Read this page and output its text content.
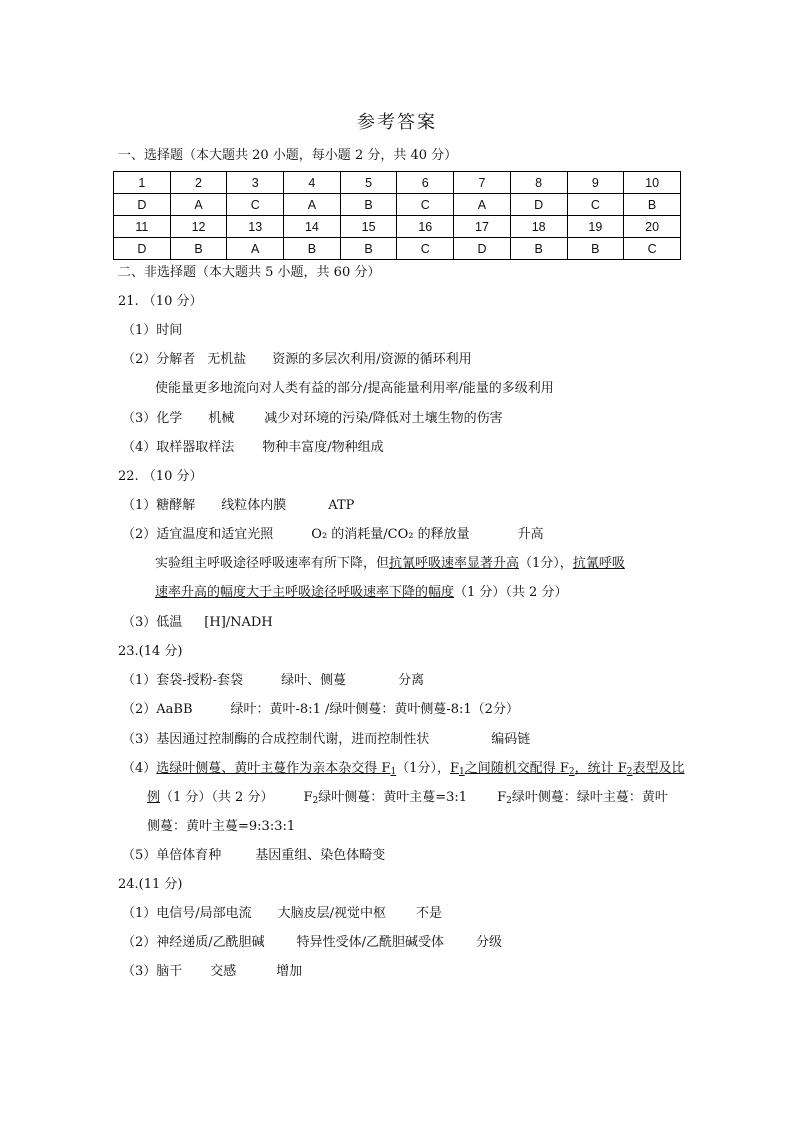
参考答案
一、选择题（本大题共 20 小题，每小题 2 分，共 40 分）
1	2	3	4	5	6	7	8	9	10
D	A	C	A	B	C	A	D	C	B
11	12	13	14	15	16	17	18	19	20
D	B	A	B	B	C	D	B	B	C
二、非选择题（本大题共 5 小题，共 60 分）
21. （10 分）
（1）时间
（2）分解者 无机盐 资源的多层次利用/资源的循环利用
使能量更多地流向对人类有益的部分/提高能量利用率/能量的多级利用
（3）化学 机械 减少对环境的污染/降低对土壤生物的伤害
（4）取样器取样法 物种丰富度/物种组成
22. （10 分）
（1）糖酵解 线粒体内膜	ATP
（2）适宜温度和适宜光照	O₂ 的消耗量/CO₂ 的释放量	升高
实验组主呼吸途径呼吸速率有所下降，但抗氰呼吸速率显著升高（1分），抗氰呼吸
速率升高的幅度大于主呼吸途径呼吸速率下降的幅度（1 分）（共 2 分）
（3）低温 [H]/NADH
23.(14 分)
（1）套袋-授粉-套袋	绿叶、侧蔓	分离
（2）AaBB	绿叶：黄叶-8:1 /绿叶侧蔓：黄叶侧蔓-8:1（2分）
（3）基因通过控制酶的合成控制代谢，进而控制性状	编码链
（4）选绿叶侧蔓、黄叶主蔓作为亲本杂交得 $F_1(1$分），$F_1$之间随机交配得 $F_2$，统计 $F_2$表型及比
例（1 分）（共 2 分） $F_2$绿叶侧蔓：黄叶主蔓=3:1 $F_2$绿叶侧蔓：绿叶主蔓：黄叶
侧蔓：黄叶主蔓=9:3:3:1
（5）单倍体育种	基因重组、染色体畸变
24.(11 分)
（1）电信号/局部电流 大脑皮层/视觉中枢 不是
（2）神经递质/乙酰胆碱 特异性受体/乙酰胆碱受体 分级
（3）脑干 交感	增加
